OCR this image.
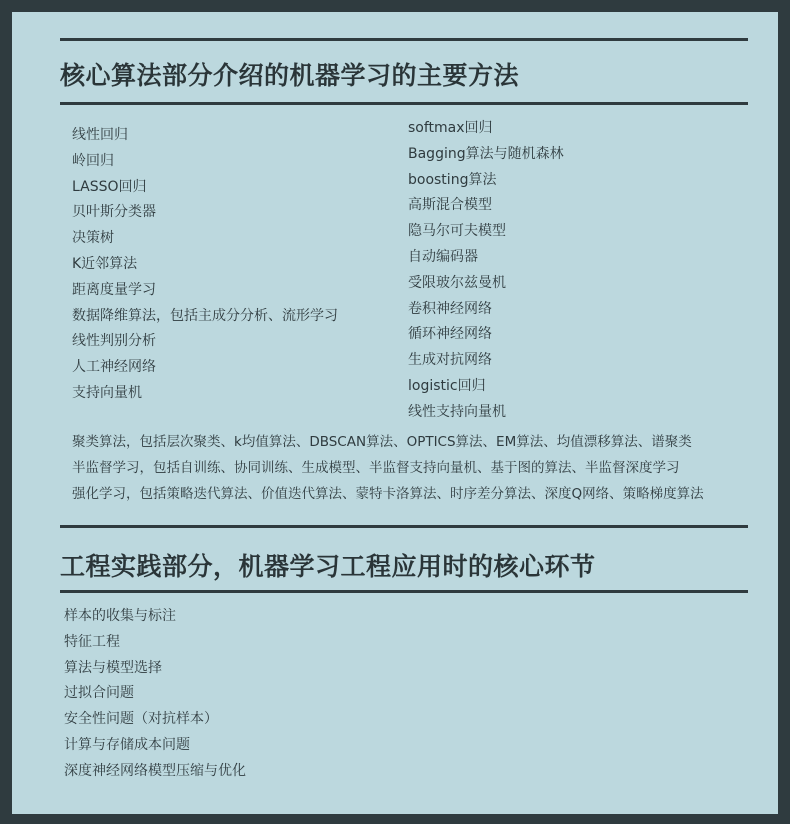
核心算法部分介绍的机器学习的主要方法
线性回归
岭回归
LASSO回归
贝叶斯分类器
决策树
K近邻算法
距离度量学习
数据降维算法，包括主成分分析、流形学习
线性判别分析
人工神经网络
支持向量机
softmax回归
Bagging算法与随机森林
boosting算法
高斯混合模型
隐马尔可夫模型
自动编码器
受限玻尔兹曼机
卷积神经网络
循环神经网络
生成对抗网络
logistic回归
线性支持向量机
聚类算法，包括层次聚类、k均值算法、DBSCAN算法、OPTICS算法、EM算法、均值漂移算法、谱聚类
半监督学习，包括自训练、协同训练、生成模型、半监督支持向量机、基于图的算法、半监督深度学习
强化学习，包括策略迭代算法、价值迭代算法、蒙特卡洛算法、时序差分算法、深度Q网络、策略梯度算法
工程实践部分，机器学习工程应用时的核心环节
样本的收集与标注
特征工程
算法与模型选择
过拟合问题
安全性问题（对抗样本）
计算与存储成本问题
深度神经网络模型压缩与优化
